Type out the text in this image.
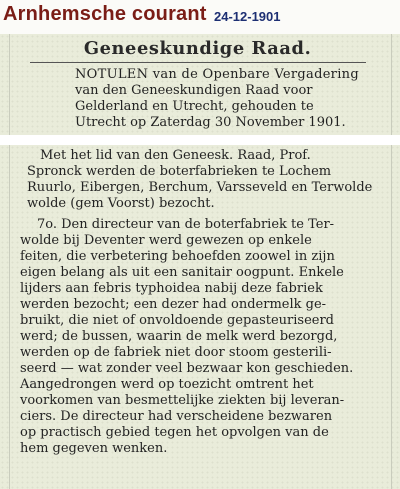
Arnhemsche courant 24-12-1901
Geneeskundige Raad.
NOTULEN van de Openbare Vergadering
van den Geneeskundigen Raad voor
Gelderland en Utrecht, gehouden te
Utrecht op Zaterdag 30 November 1901.
Met het lid van den Geneesk. Raad, Prof.
Spronck werden de boterfabrieken te Lochem
Ruurlo, Eibergen, Berchum, Varsseveld en Terwolde
wolde (gem Voorst) bezocht.
7o. Den directeur van de boterfabriek te Ter-
wolde bij Deventer werd gewezen op enkele
feiten, die verbetering behoefden zoowel in zijn
eigen belang als uit een sanitair oogpunt. Enkele
lijders aan febris typhoidea nabij deze fabriek
werden bezocht; een dezer had ondermelk ge-
bruikt, die niet of onvoldoende gepasteuriseerd
werd; de bussen, waarin de melk werd bezorgd,
werden op de fabriek niet door stoom gesterili-
seerd — wat zonder veel bezwaar kon geschieden.
Aangedrongen werd op toezicht omtrent het
voorkomen van besmettelijke ziekten bij leveran-
ciers. De directeur had verscheidene bezwaren
op practisch gebied tegen het opvolgen van de
hem gegeven wenken.
